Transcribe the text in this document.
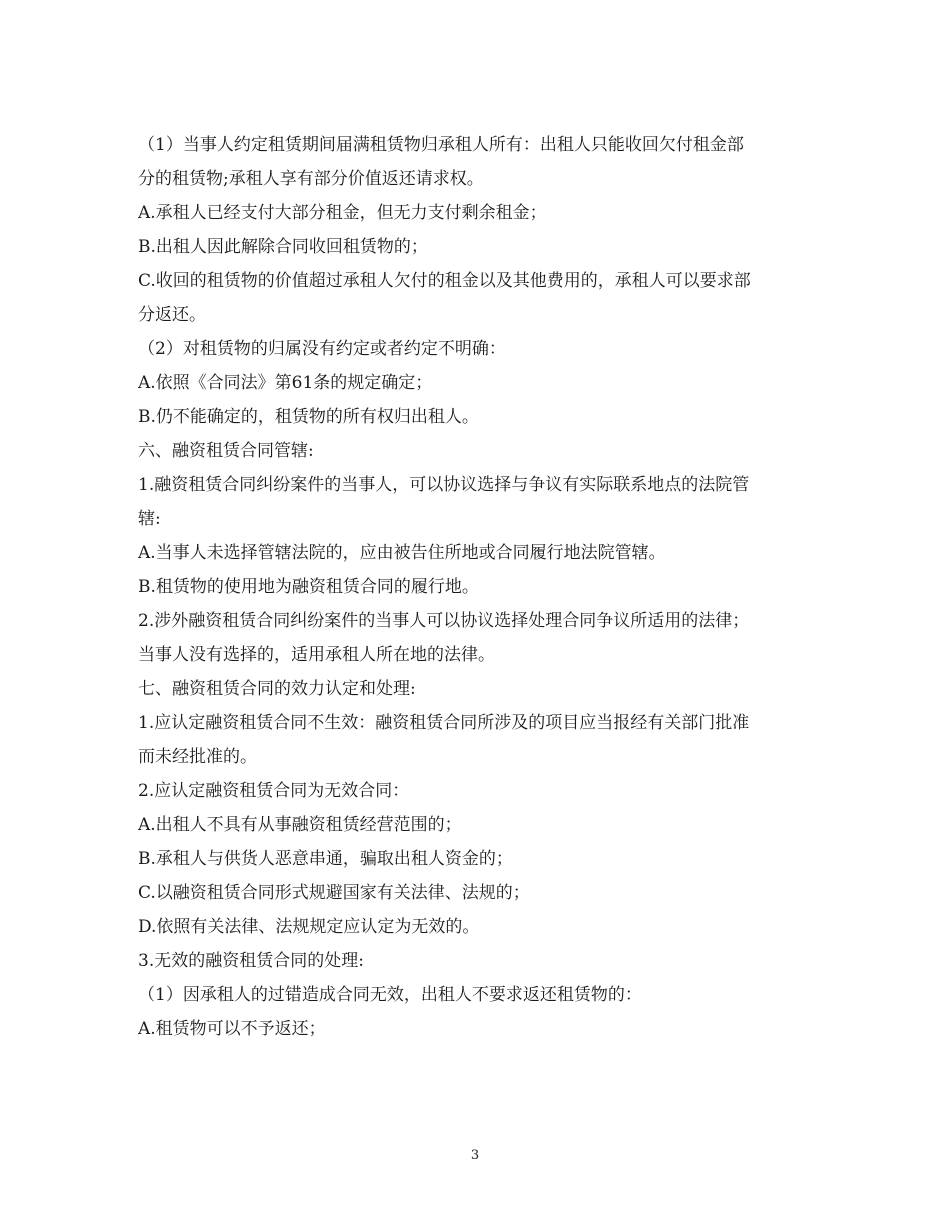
（1）当事人约定租赁期间届满租赁物归承租人所有：出租人只能收回欠付租金部
分的租赁物;承租人享有部分价值返还请求权。
A.承租人已经支付大部分租金，但无力支付剩余租金；
B.出租人因此解除合同收回租赁物的；
C.收回的租赁物的价值超过承租人欠付的租金以及其他费用的，承租人可以要求部
分返还。
（2）对租赁物的归属没有约定或者约定不明确：
A.依照《合同法》第61条的规定确定；
B.仍不能确定的，租赁物的所有权归出租人。
六、融资租赁合同管辖:
1.融资租赁合同纠纷案件的当事人，可以协议选择与争议有实际联系地点的法院管
辖:
A.当事人未选择管辖法院的，应由被告住所地或合同履行地法院管辖。
B.租赁物的使用地为融资租赁合同的履行地。
2.涉外融资租赁合同纠纷案件的当事人可以协议选择处理合同争议所适用的法律；
当事人没有选择的，适用承租人所在地的法律。
七、融资租赁合同的效力认定和处理:
1.应认定融资租赁合同不生效：融资租赁合同所涉及的项目应当报经有关部门批准
而未经批准的。
2.应认定融资租赁合同为无效合同：
A.出租人不具有从事融资租赁经营范围的；
B.承租人与供货人恶意串通，骗取出租人资金的；
C.以融资租赁合同形式规避国家有关法律、法规的；
D.依照有关法律、法规规定应认定为无效的。
3.无效的融资租赁合同的处理:
（1）因承租人的过错造成合同无效，出租人不要求返还租赁物的：
A.租赁物可以不予返还；
3
